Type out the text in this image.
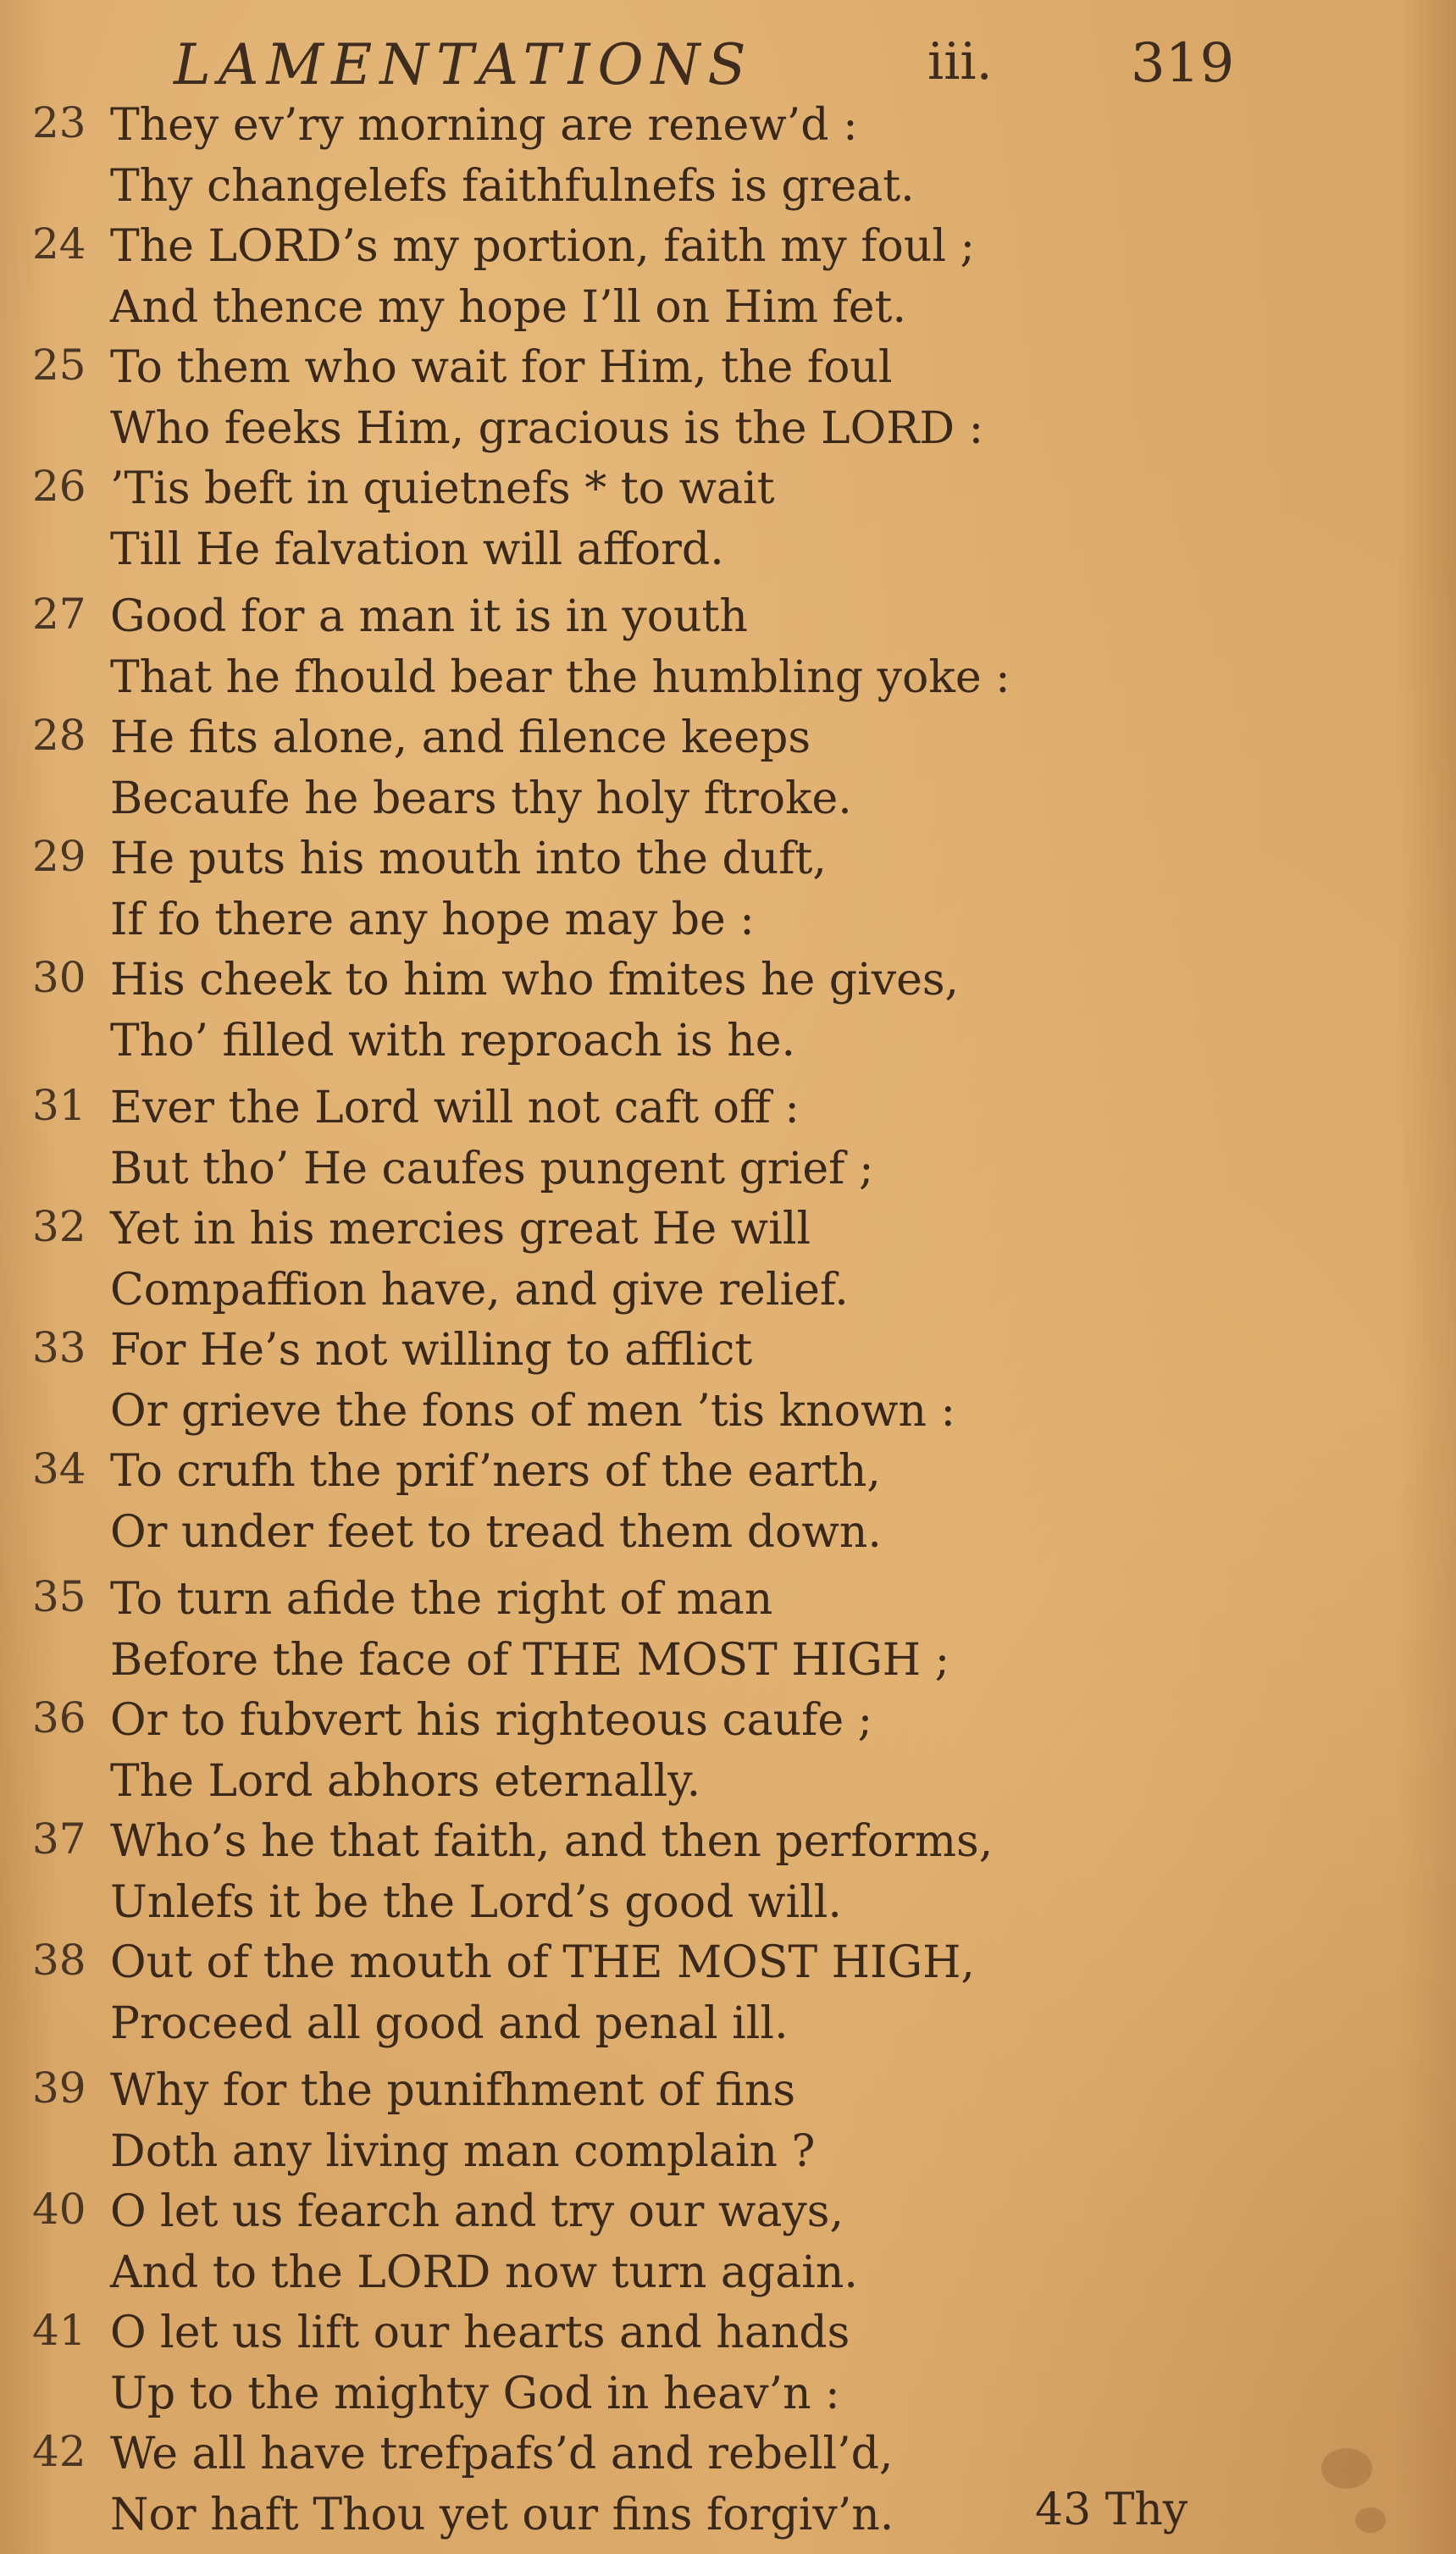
LAMENTATIONS	iii.	319
23 They ev’ry morning are renew’d :
Thy changelefs faithfulnefs is great.
24 The LORD’s my portion, faith my foul ;
And thence my hope I’ll on Him fet.
25 To them who wait for Him, the foul
Who feeks Him, gracious is the LORD :
26 ’Tis beft in quietnefs * to wait
Till He falvation will afford.
27 Good for a man it is in youth
That he fhould bear the humbling yoke :
28 He fits alone, and filence keeps
Becaufe he bears thy holy ftroke.
29 He puts his mouth into the duft,
If fo there any hope may be :
30 His cheek to him who fmites he gives,
Tho’ filled with reproach is he.
31 Ever the Lord will not caft off :
But tho’ He caufes pungent grief ;
32 Yet in his mercies great He will
Compaffion have, and give relief.
33 For He’s not willing to afflict
Or grieve the fons of men ’tis known :
34 To crufh the prif’ners of the earth,
Or under feet to tread them down.
35 To turn afide the right of man
Before the face of THE MOST HIGH ;
36 Or to fubvert his righteous caufe ;
The Lord abhors eternally.
37 Who’s he that faith, and then performs,
Unlefs it be the Lord’s good will.
38 Out of the mouth of THE MOST HIGH,
Proceed all good and penal ill.
39 Why for the punifhment of fins
Doth any living man complain ?
40 O let us fearch and try our ways,
And to the LORD now turn again.
41 O let us lift our hearts and hands
Up to the mighty God in heav’n :
42 We all have trefpafs’d and rebell’d,
Nor haft Thou yet our fins forgiv’n.	43 Thy
